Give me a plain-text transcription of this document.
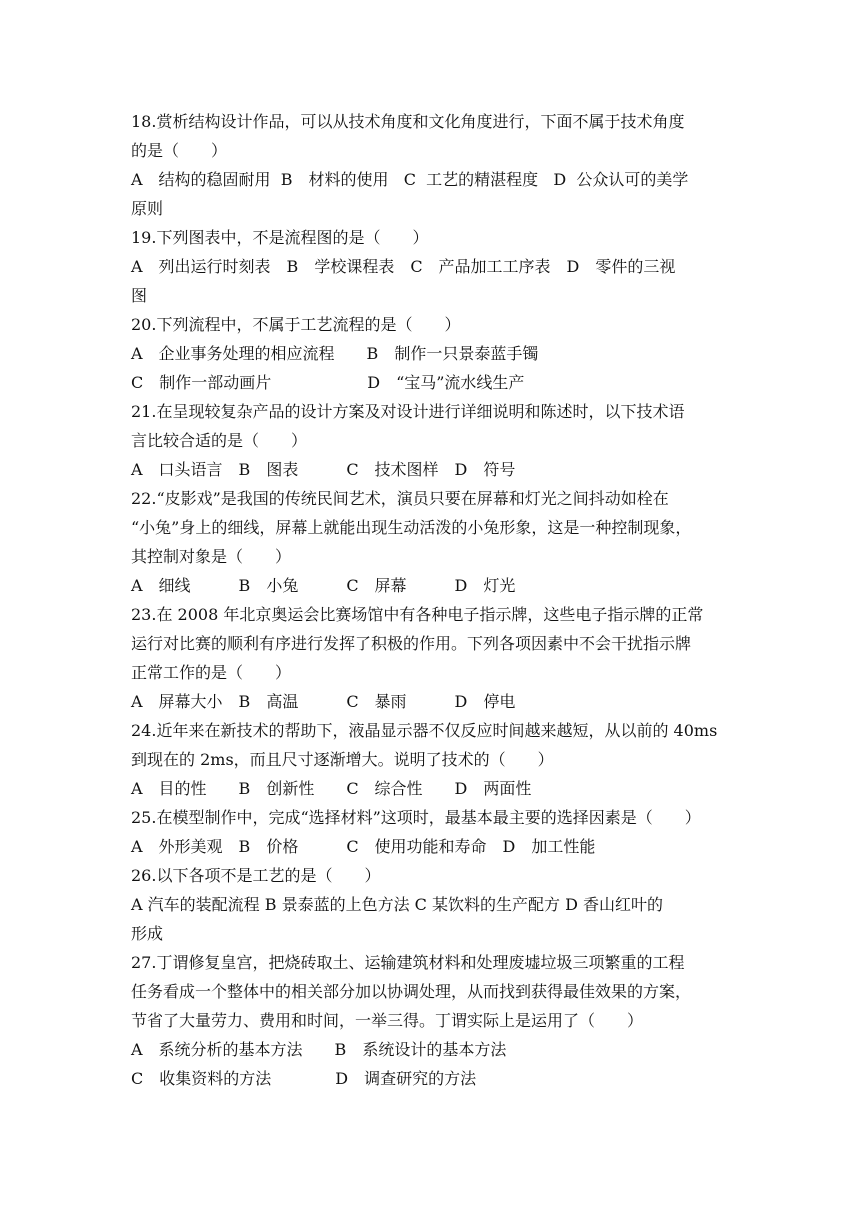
18.赏析结构设计作品，可以从技术角度和文化角度进行，下面不属于技术角度
的是（　　）
A　结构的稳固耐用  B　材料的使用   C  工艺的精湛程度   D  公众认可的美学
原则
19.下列图表中，不是流程图的是（　　）
A　列出运行时刻表　B　学校课程表　C　产品加工工序表　D　零件的三视
图
20.下列流程中，不属于工艺流程的是（　　）
A　企业事务处理的相应流程　　B　制作一只景泰蓝手镯
C　制作一部动画片　　　　　　D　“宝马”流水线生产
21.在呈现较复杂产品的设计方案及对设计进行详细说明和陈述时，以下技术语
言比较合适的是（　　）
A　口头语言　B　图表　　　C　技术图样　D　符号
22.“皮影戏”是我国的传统民间艺术，演员只要在屏幕和灯光之间抖动如栓在
“小兔”身上的细线，屏幕上就能出现生动活泼的小兔形象，这是一种控制现象，
其控制对象是（　　）
A　细线　　　B　小兔　　　C　屏幕　　　D　灯光
23.在 2008 年北京奥运会比赛场馆中有各种电子指示牌，这些电子指示牌的正常
运行对比赛的顺利有序进行发挥了积极的作用。下列各项因素中不会干扰指示牌
正常工作的是（　　）
A　屏幕大小　B　高温　　　C　暴雨　　　D　停电
24.近年来在新技术的帮助下，液晶显示器不仅反应时间越来越短，从以前的 40ms
到现在的 2ms，而且尺寸逐渐增大。说明了技术的（　　）
A　目的性　　B　创新性　　C　综合性　　D　两面性
25.在模型制作中，完成“选择材料”这项时，最基本最主要的选择因素是（　　）
A　外形美观　B　价格　　　C　使用功能和寿命　D　加工性能
26.以下各项不是工艺的是（　　）
A 汽车的装配流程 B 景泰蓝的上色方法 C 某饮料的生产配方 D 香山红叶的
形成
27.丁谓修复皇宫，把烧砖取土、运输建筑材料和处理废墟垃圾三项繁重的工程
任务看成一个整体中的相关部分加以协调处理，从而找到获得最佳效果的方案，
节省了大量劳力、费用和时间，一举三得。丁谓实际上是运用了（　　）
A　系统分析的基本方法　　B　系统设计的基本方法
C　收集资料的方法　　　　D　调查研究的方法
